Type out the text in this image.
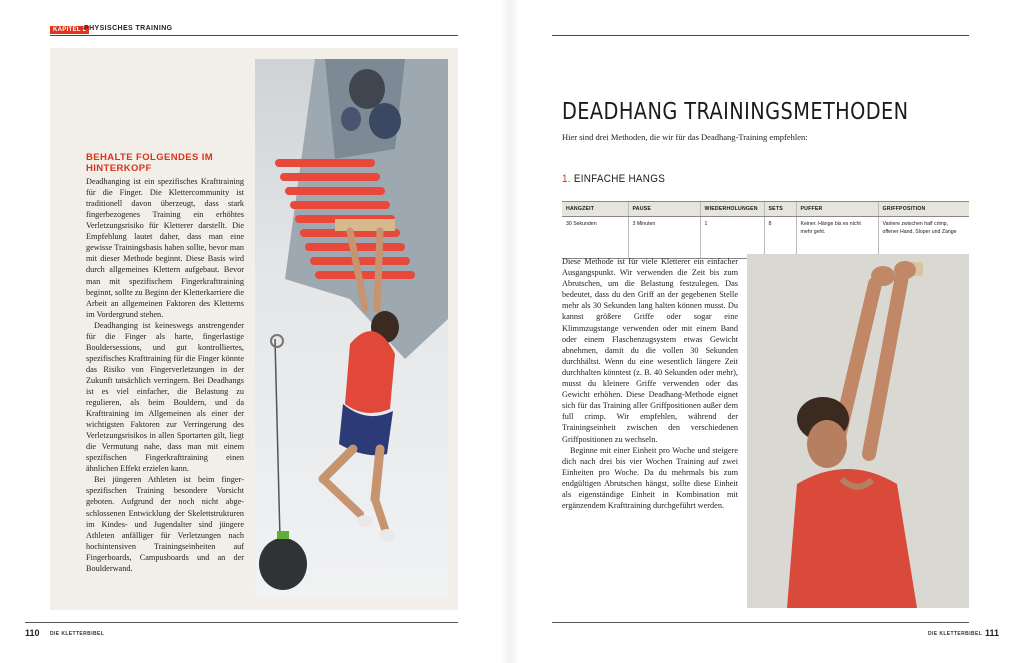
KAPITEL 2
PHYSISCHES TRAINING
BEHALTE FOLGENDES IM HINTERKOPF

Deadhanging ist ein spezifisches Krafttraining für die Finger. Die Klettercommunity ist traditionell davon überzeugt, dass stark fingerbezogenes Training ein erhöhtes Verletzungsrisiko für Kletterer darstellt. Die Empfehlung lautet daher, dass man eine gewisse Trainingsbasis haben sollte, bevor man mit dieser Methode beginnt. Diese Basis wird durch allgemeines Klettern aufgebaut. Bevor man mit spezifischem Fingerkrafttraining beginnt, sollte zu Beginn der Kletterkarriere die Arbeit an allgemeinen Faktoren des Kletterns im Vordergrund stehen.

Deadhanging ist keineswegs anstrengender für die Finger als harte, fingerlastige Bouldersessions, und gut kontrolliertes, spezifisches Krafttraining für die Finger könnte das Risiko von Fingerverletzungen in der Zukunft tatsächlich verringern. Bei Deadhangs ist es viel einfacher, die Belastung zu regulieren, als beim Bouldern, und da Krafttraining im Allgemeinen als einer der wichtigsten Faktoren zur Verringerung des Verletzungsrisikos in allen Sportarten gilt, liegt die Vermutung nahe, dass man mit einem spezifischen Fingerkrafttraining einen ähnlichen Effekt erzielen kann.

Bei jüngeren Athleten ist beim fingerspezifischen Training besondere Vorsicht geboten. Aufgrund der noch nicht abgeschlossenen Entwicklung der Skelettstrukturen im Kindes- und Jugendalter sind jüngere Athleten anfälliger für Verletzungen nach hochintensiven Trainingseinheiten auf Fingerboards, Campusboards und an der Boulderwand.

110 DIE KLETTERBIBEL
DEADHANG TRAININGSMETHODEN
Hier sind drei Methoden, die wir für das Deadhang-Training empfehlen:
1. EINFACHE HANGS
HANGZEIT	PAUSE	WIEDERHOLUNGEN	SETS	PUFFER	GRIFFPOSITION
30 Sekunden	3 Minuten	1	8	Keiner. Hänge bis es nicht mehr geht.	Variiere zwischen half crimp, offener Hand, Sloper und Zange

Diese Methode ist für viele Kletterer ein einfacher Ausgangspunkt. Wir verwenden die Zeit bis zum Abrutschen, um die Belastung festzulegen. Das bedeutet, dass du den Griff an der gegebenen Stelle mehr als 30 Sekunden lang halten können musst. Du kannst größere Griffe oder sogar eine Klimmzugstange verwenden oder mit einem Band oder einem Flaschenzugsystem etwas Gewicht abnehmen, damit du die vollen 30 Sekunden durchhältst. Wenn du eine wesentlich längere Zeit durchhalten könntest (z. B. 40 Sekunden oder mehr), musst du kleinere Griffe verwenden oder das Gewicht erhöhen. Diese Deadhang-Methode eignet sich für das Training aller Griffpositionen außer dem full crimp. Wir empfehlen, während der Trainingseinheit zwischen den verschiedenen Griffpositionen zu wechseln.

Beginne mit einer Einheit pro Woche und steigere dich nach drei bis vier Wochen Training auf zwei Einheiten pro Woche. Da du mehrmals bis zum endgültigen Abrutschen hängst, sollte diese Einheit als eigenständige Einheit in Kombination mit ergänzendem Krafttraining durchgeführt werden.

DIE KLETTERBIBEL 111
